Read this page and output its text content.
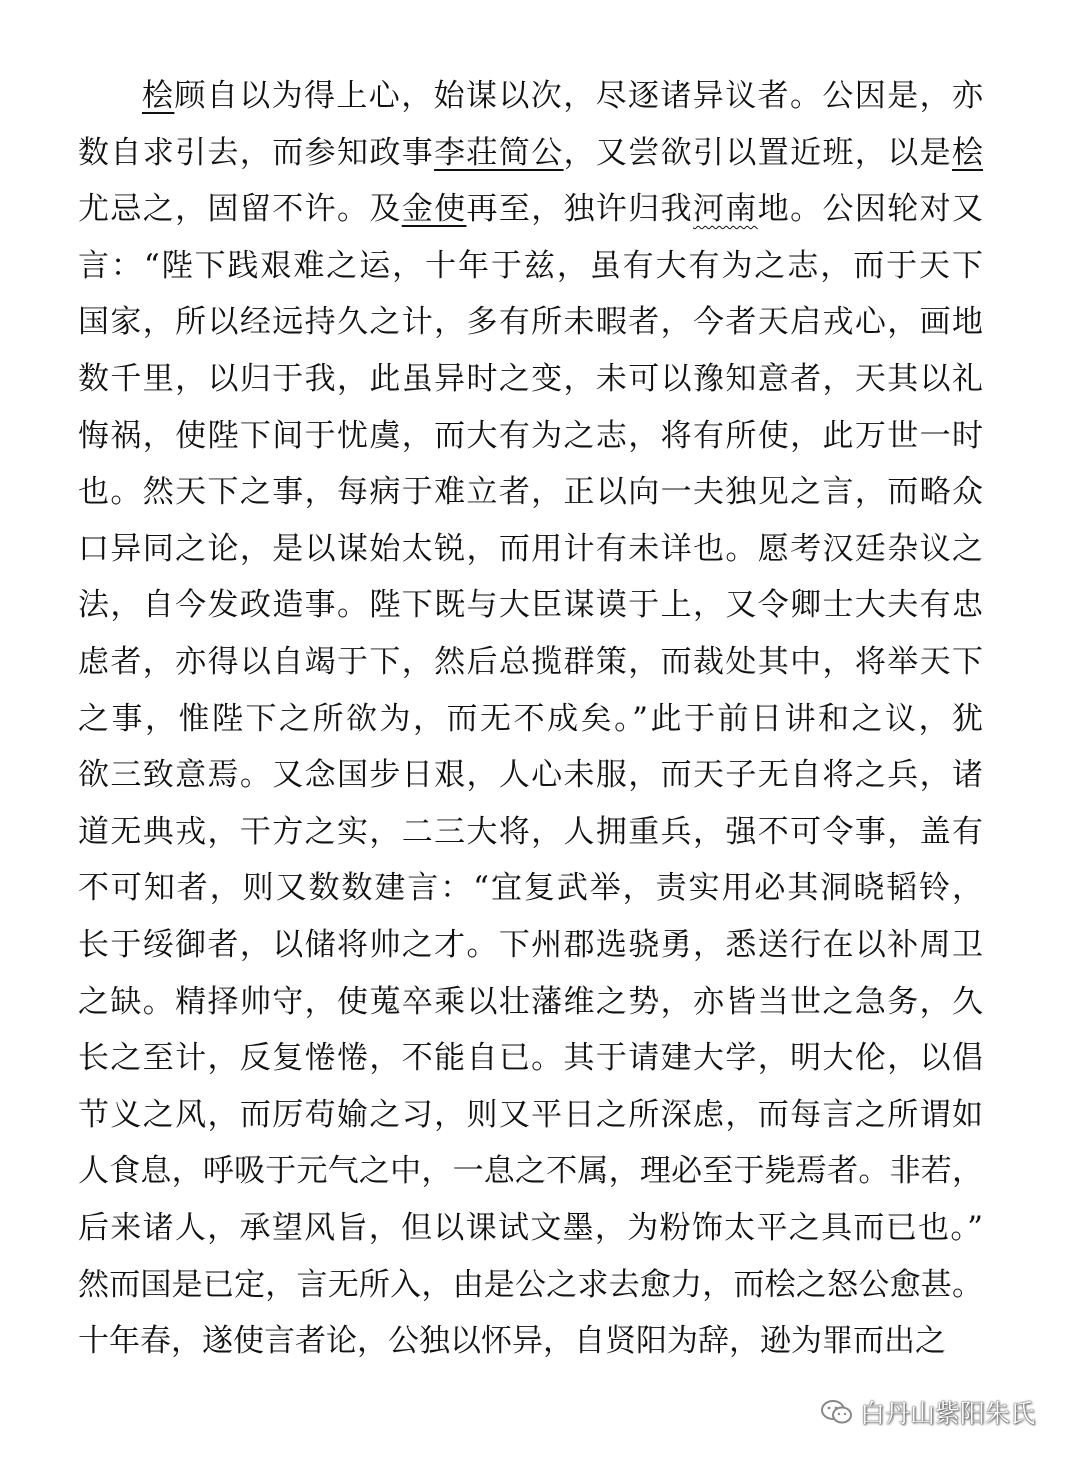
桧顾自以为得上心，始谋以次，尽逐诸异议者。公因是，亦
数自求引去，而参知政事李荘简公，又尝欲引以置近班，以是桧
尤忌之，固留不许。及金使再至，独许归我河南地。公因轮对又
言：“陛下践艰难之运，十年于兹，虽有大有为之志，而于天下
国家，所以经远持久之计，多有所未暇者，今者天启戎心，画地
数千里，以归于我，此虽异时之变，未可以豫知意者，天其以礼
悔祸，使陛下间于忧虞，而大有为之志，将有所使，此万世一时
也。然天下之事，每病于难立者，正以向一夫独见之言，而略众
口异同之论，是以谋始太锐，而用计有未详也。愿考汉廷杂议之
法，自今发政造事。陛下既与大臣谋谟于上，又令卿士大夫有忠
虑者，亦得以自竭于下，然后总揽群策，而裁处其中，将举天下
之事，惟陛下之所欲为，而无不成矣。”此于前日讲和之议，犹
欲三致意焉。又念国步日艰，人心未服，而天子无自将之兵，诸
道无典戎，干方之实，二三大将，人拥重兵，强不可令事，盖有
不可知者，则又数数建言：“宜复武举，责实用必其洞晓韬铃，
长于绥御者，以储将帅之才。下州郡选骁勇，悉送行在以补周卫
之缺。精择帅守，使蒐卒乘以壮藩维之势，亦皆当世之急务，久
长之至计，反复惓惓，不能自已。其于请建大学，明大伦，以倡
节义之风，而厉苟媮之习，则又平日之所深虑，而每言之所谓如
人食息，呼吸于元气之中，一息之不属，理必至于毙焉者。非若，
后来诸人，承望风旨，但以课试文墨，为粉饰太平之具而已也。”
然而国是已定，言无所入，由是公之求去愈力，而桧之怒公愈甚。
十年春，遂使言者论，公独以怀异，自贤阳为辞，逊为罪而出之
白丹山紫阳朱氏
